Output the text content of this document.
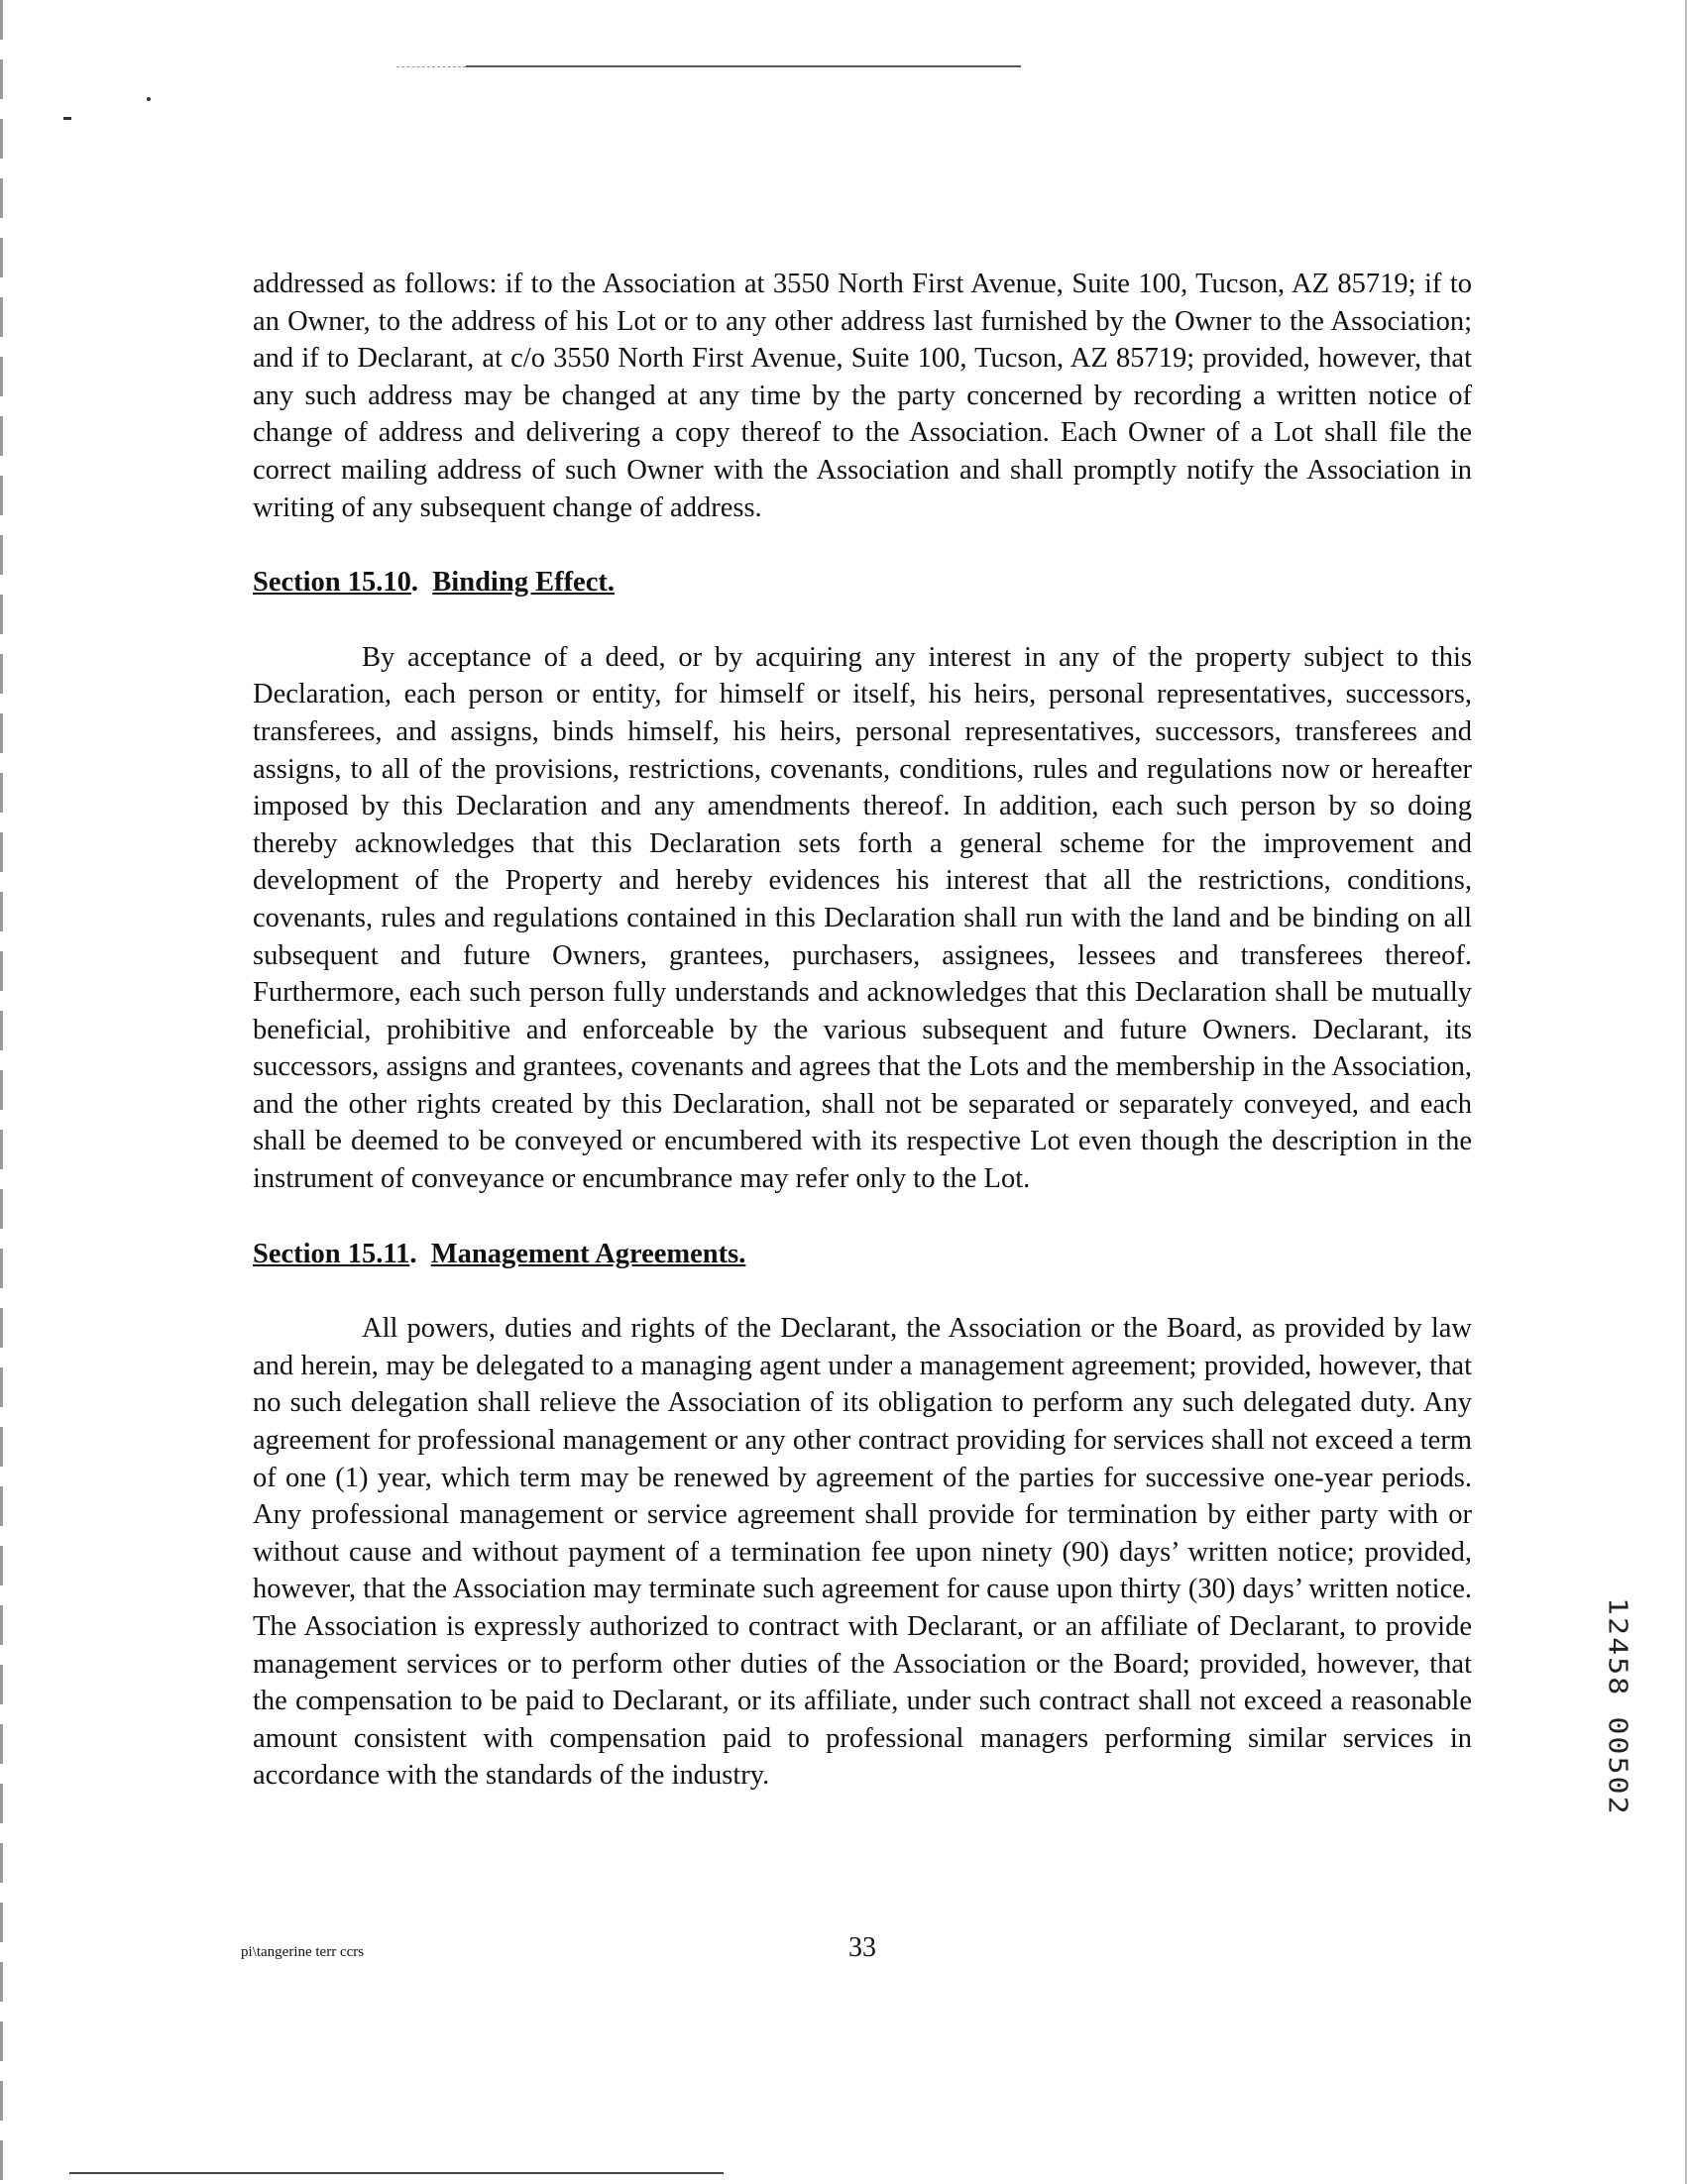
addressed as follows: if to the Association at 3550 North First Avenue, Suite 100, Tucson, AZ 85719; if to an Owner, to the address of his Lot or to any other address last furnished by the Owner to the Association; and if to Declarant, at c/o 3550 North First Avenue, Suite 100, Tucson, AZ 85719; provided, however, that any such address may be changed at any time by the party concerned by recording a written notice of change of address and delivering a copy thereof to the Association. Each Owner of a Lot shall file the correct mailing address of such Owner with the Association and shall promptly notify the Association in writing of any subsequent change of address.

Section 15.10.  Binding Effect.

By acceptance of a deed, or by acquiring any interest in any of the property subject to this Declaration, each person or entity, for himself or itself, his heirs, personal representatives, successors, transferees, and assigns, binds himself, his heirs, personal representatives, successors, transferees and assigns, to all of the provisions, restrictions, covenants, conditions, rules and regulations now or hereafter imposed by this Declaration and any amendments thereof. In addition, each such person by so doing thereby acknowledges that this Declaration sets forth a general scheme for the improvement and development of the Property and hereby evidences his interest that all the restrictions, conditions, covenants, rules and regulations contained in this Declaration shall run with the land and be binding on all subsequent and future Owners, grantees, purchasers, assignees, lessees and transferees thereof. Furthermore, each such person fully understands and acknowledges that this Declaration shall be mutually beneficial, prohibitive and enforceable by the various subsequent and future Owners. Declarant, its successors, assigns and grantees, covenants and agrees that the Lots and the membership in the Association, and the other rights created by this Declaration, shall not be separated or separately conveyed, and each shall be deemed to be conveyed or encumbered with its respective Lot even though the description in the instrument of conveyance or encumbrance may refer only to the Lot.

Section 15.11.  Management Agreements.

All powers, duties and rights of the Declarant, the Association or the Board, as provided by law and herein, may be delegated to a managing agent under a management agreement; provided, however, that no such delegation shall relieve the Association of its obligation to perform any such delegated duty. Any agreement for professional management or any other contract providing for services shall not exceed a term of one (1) year, which term may be renewed by agreement of the parties for successive one-year periods. Any professional management or service agreement shall provide for termination by either party with or without cause and without payment of a termination fee upon ninety (90) days’ written notice; provided, however, that the Association may terminate such agreement for cause upon thirty (30) days’ written notice. The Association is expressly authorized to contract with Declarant, or an affiliate of Declarant, to provide management services or to perform other duties of the Association or the Board; provided, however, that the compensation to be paid to Declarant, or its affiliate, under such contract shall not exceed a reasonable amount consistent with compensation paid to professional managers performing similar services in accordance with the standards of the industry.	12458 00502
pi\tangerine terr ccrs	33
